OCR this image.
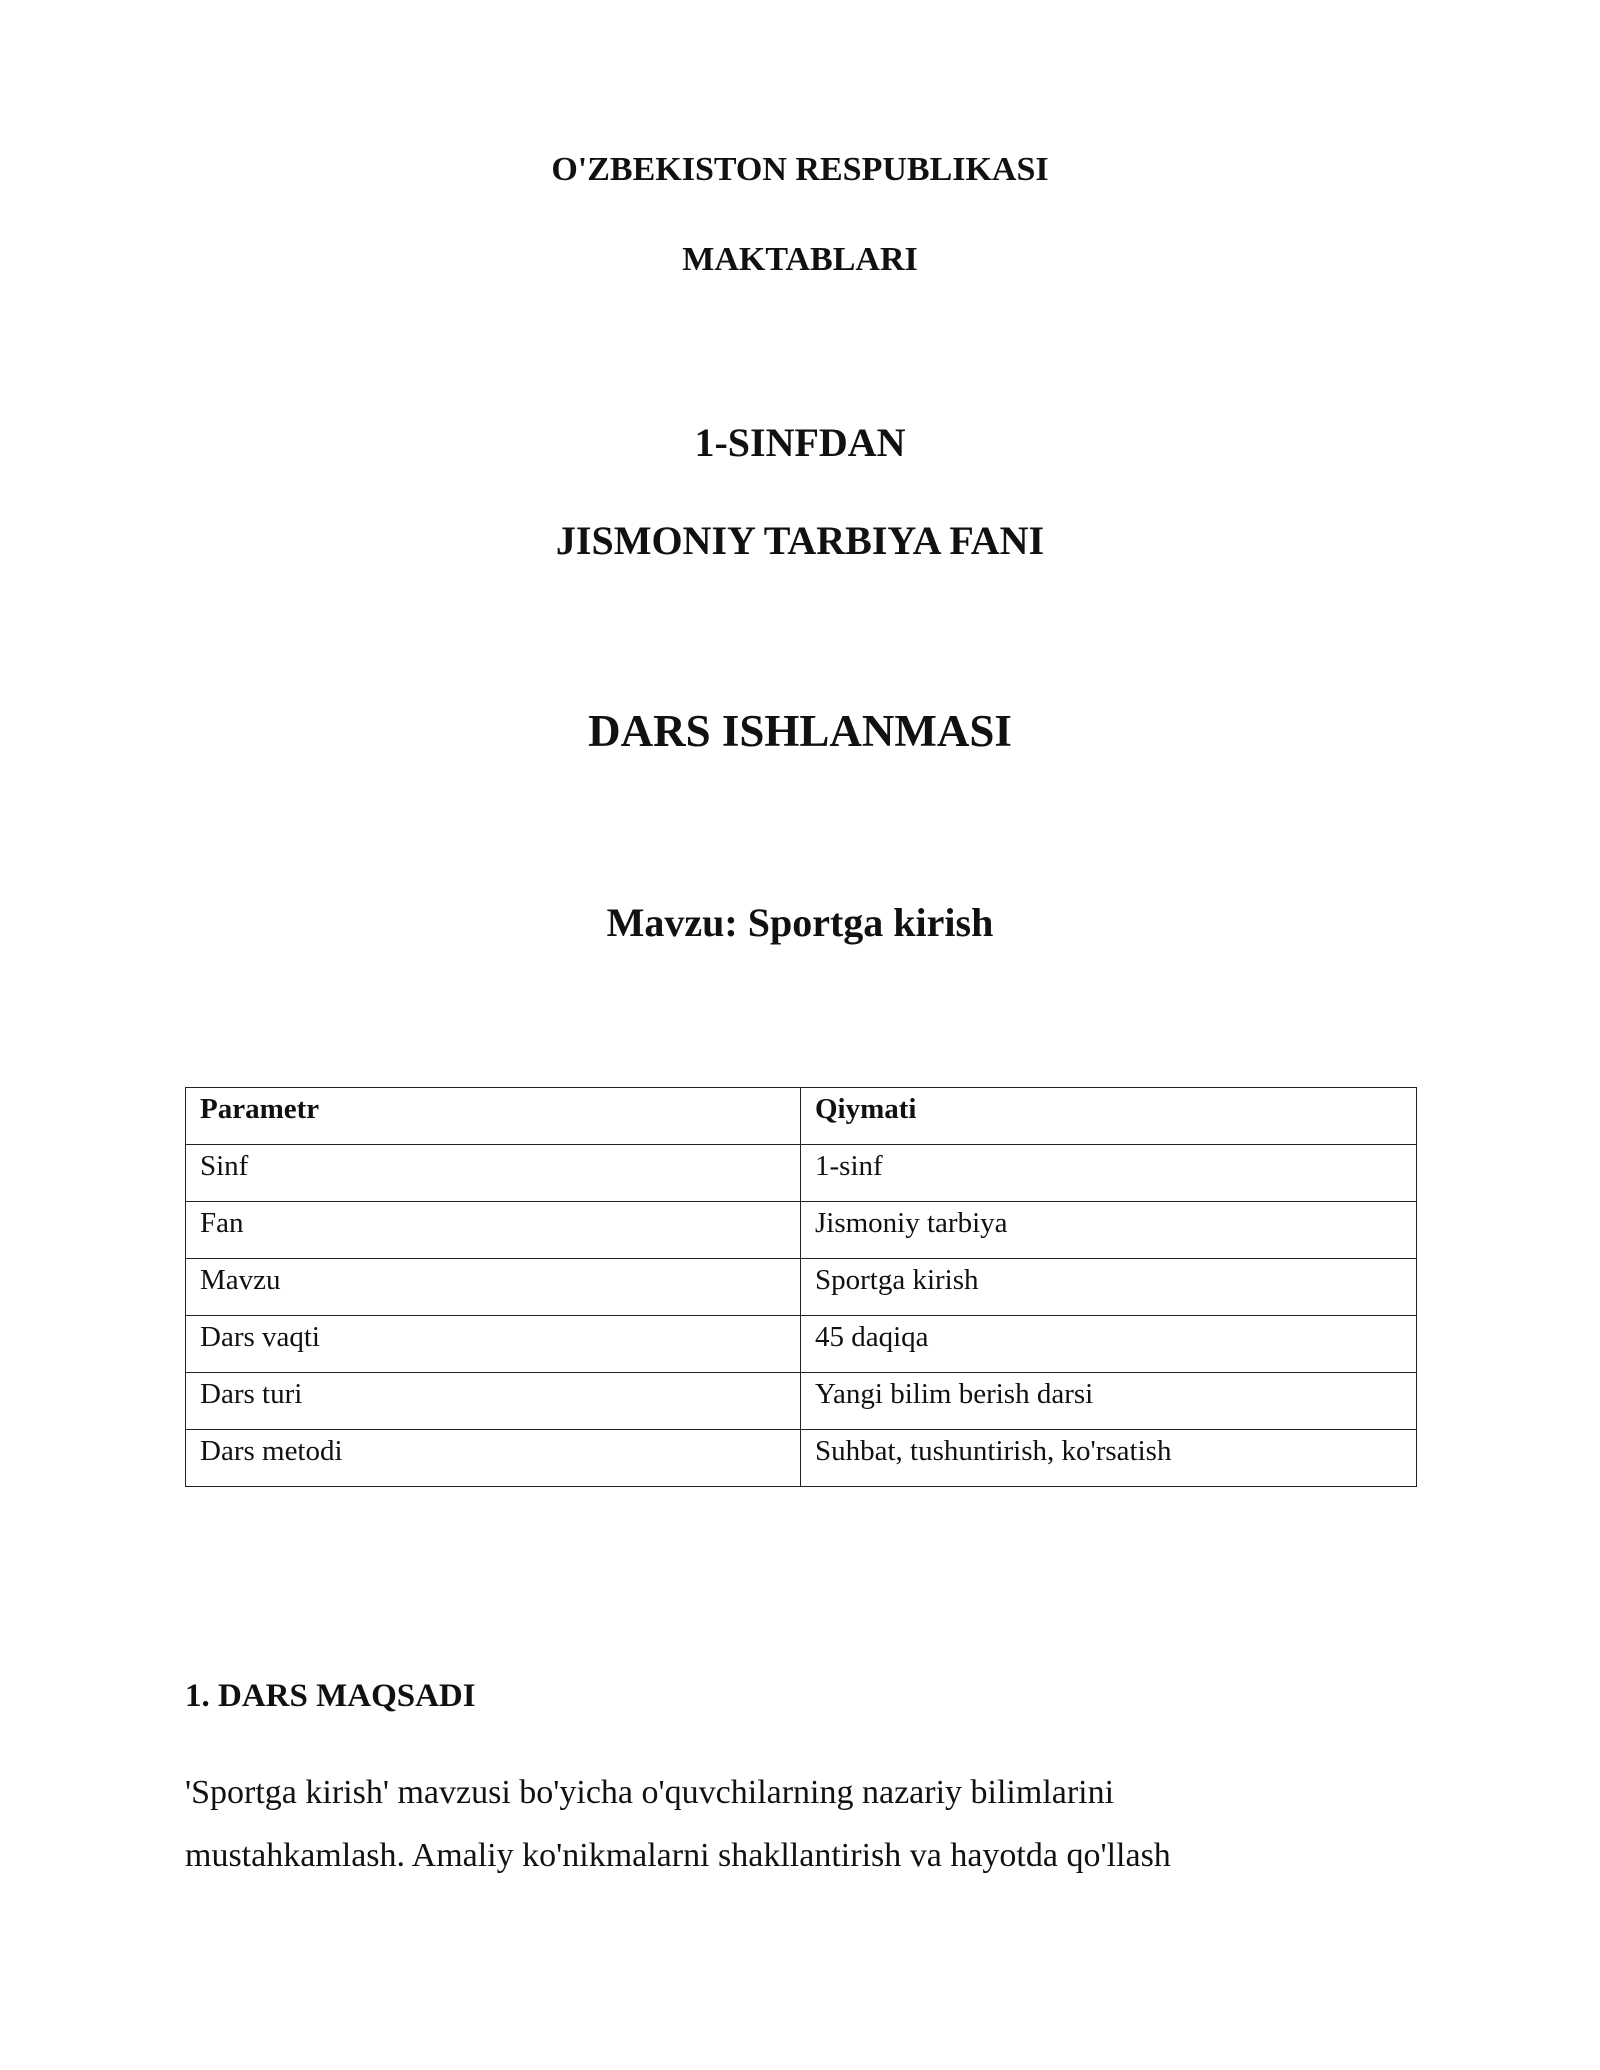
O'ZBEKISTON RESPUBLIKASI

MAKTABLARI

1-SINFDAN

JISMONIY TARBIYA FANI

DARS ISHLANMASI

Mavzu: Sportga kirish

Parametr	Qiymati
Sinf	1-sinf
Fan	Jismoniy tarbiya
Mavzu	Sportga kirish
Dars vaqti	45 daqiqa
Dars turi	Yangi bilim berish darsi
Dars metodi	Suhbat, tushuntirish, ko'rsatish
1. DARS MAQSADI

'Sportga kirish' mavzusi bo'yicha o'quvchilarning nazariy bilimlarini
mustahkamlash. Amaliy ko'nikmalarni shakllantirish va hayotda qo'llash
